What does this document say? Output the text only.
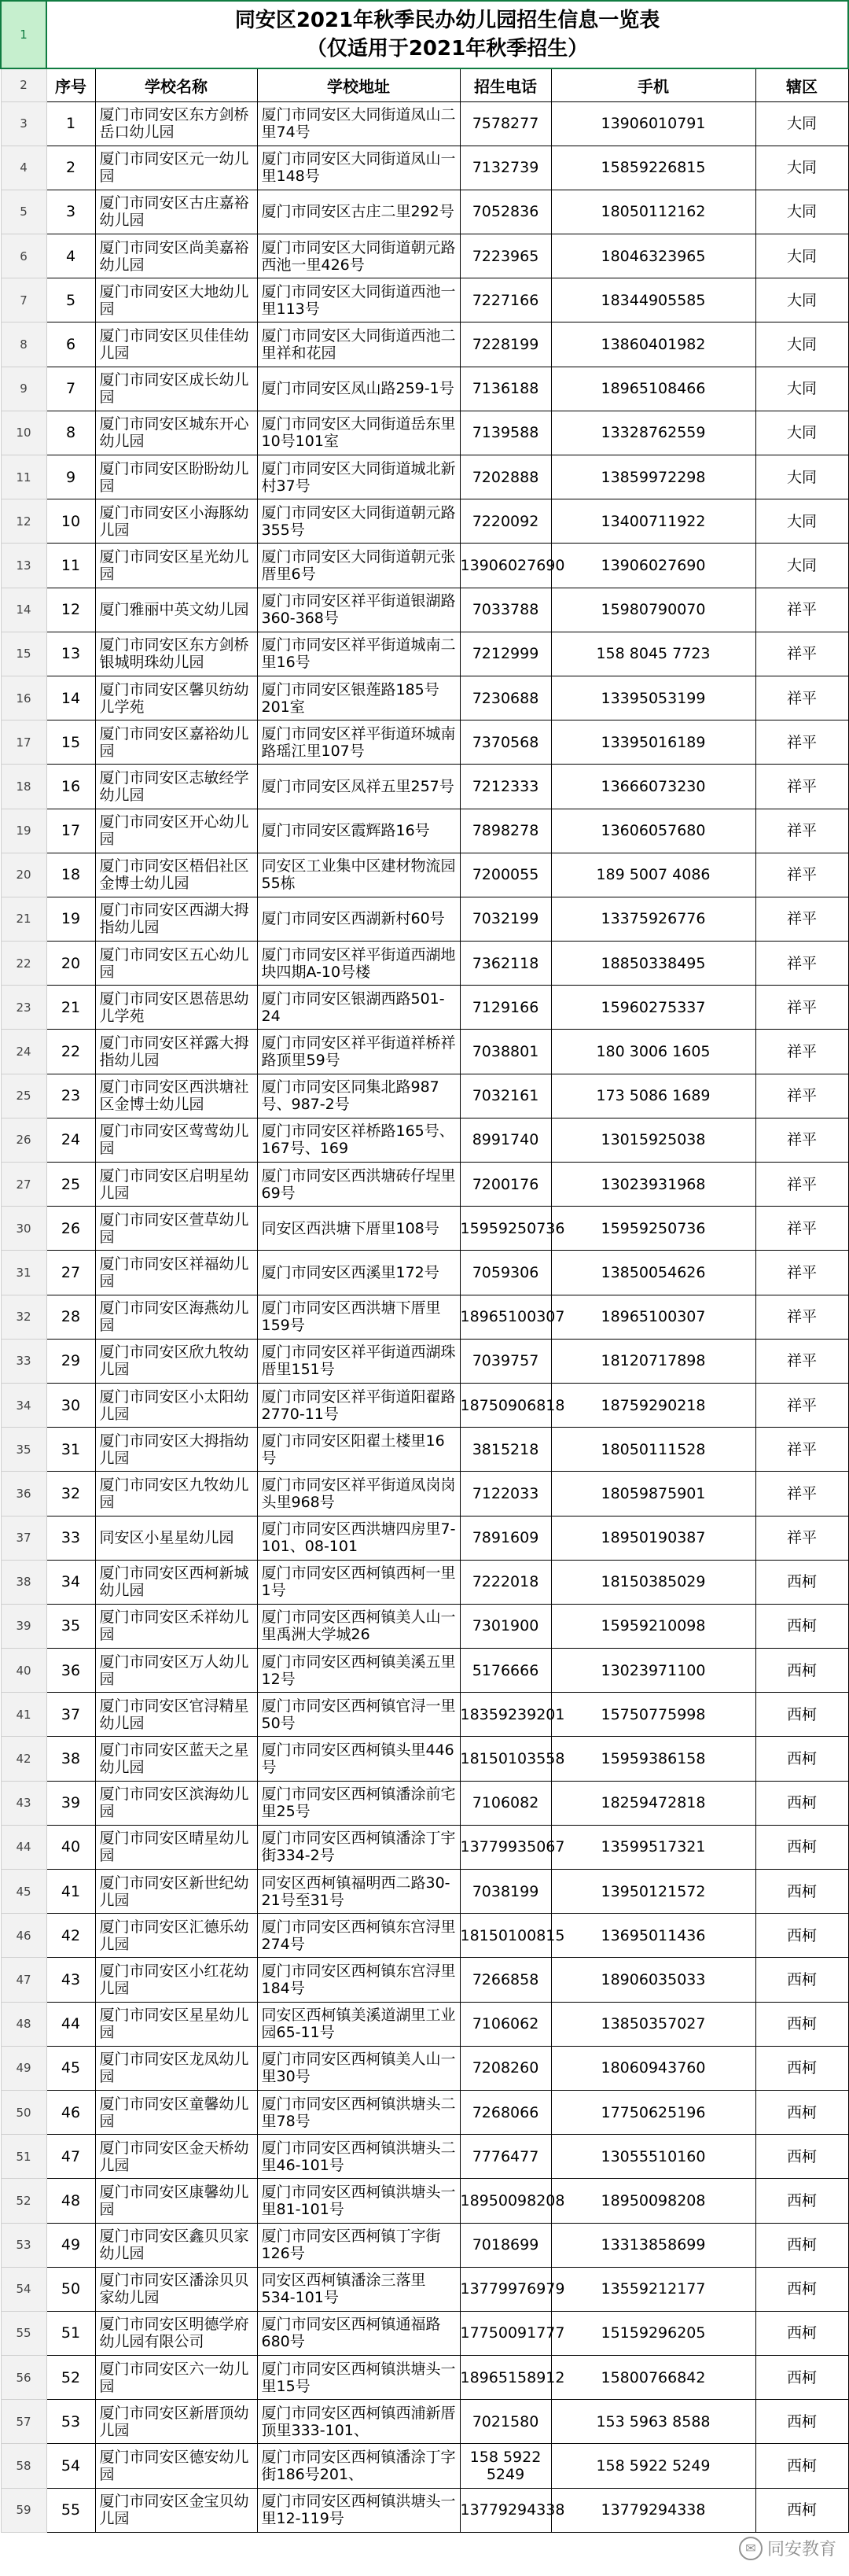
1	同安区2021年秋季民办幼儿园招生信息一览表
（仅适用于2021年秋季招生）					

2	序号	学校名称	学校地址	招生电话	手机	辖区
3	1	厦门市同安区东方剑桥岳口幼儿园	厦门市同安区大同街道凤山二里74号	7578277	13906010791	大同
4	2	厦门市同安区元一幼儿园	厦门市同安区大同街道凤山一里148号	7132739	15859226815	大同
5	3	厦门市同安区古庄嘉裕幼儿园	厦门市同安区古庄二里292号	7052836	18050112162	大同
6	4	厦门市同安区尚美嘉裕幼儿园	厦门市同安区大同街道朝元路西池一里426号	7223965	18046323965	大同
7	5	厦门市同安区大地幼儿园	厦门市同安区大同街道西池一里113号	7227166	18344905585	大同
8	6	厦门市同安区贝佳佳幼儿园	厦门市同安区大同街道西池二里祥和花园	7228199	13860401982	大同
9	7	厦门市同安区成长幼儿园	厦门市同安区凤山路259-1号	7136188	18965108466	大同
10	8	厦门市同安区城东开心幼儿园	厦门市同安区大同街道岳东里10号101室	7139588	13328762559	大同
11	9	厦门市同安区盼盼幼儿园	厦门市同安区大同街道城北新村37号	7202888	13859972298	大同
12	10	厦门市同安区小海豚幼儿园	厦门市同安区大同街道朝元路355号	7220092	13400711922	大同
13	11	厦门市同安区星光幼儿园	厦门市同安区大同街道朝元张厝里6号	13906027690	13906027690	大同
14	12	厦门雅丽中英文幼儿园	厦门市同安区祥平街道银湖路360-368号	7033788	15980790070	祥平
15	13	厦门市同安区东方剑桥银城明珠幼儿园	厦门市同安区祥平街道城南二里16号	7212999	158 8045 7723	祥平
16	14	厦门市同安区馨贝纺幼儿学苑	厦门市同安区银莲路185号201室	7230688	13395053199	祥平
17	15	厦门市同安区嘉裕幼儿园	厦门市同安区祥平街道环城南路瑶江里107号	7370568	13395016189	祥平
18	16	厦门市同安区志敏经学幼儿园	厦门市同安区凤祥五里257号	7212333	13666073230	祥平
19	17	厦门市同安区开心幼儿园	厦门市同安区霞辉路16号	7898278	13606057680	祥平
20	18	厦门市同安区梧侣社区金博士幼儿园	同安区工业集中区建材物流园55栋	7200055	189 5007 4086	祥平
21	19	厦门市同安区西湖大拇指幼儿园	厦门市同安区西湖新村60号	7032199	13375926776	祥平
22	20	厦门市同安区五心幼儿园	厦门市同安区祥平街道西湖地块四期A-10号楼	7362118	18850338495	祥平
23	21	厦门市同安区恩蓓思幼儿学苑	厦门市同安区银湖西路501-24	7129166	15960275337	祥平
24	22	厦门市同安区祥露大拇指幼儿园	厦门市同安区祥平街道祥桥祥路顶里59号	7038801	180 3006 1605	祥平
25	23	厦门市同安区西洪塘社区金博士幼儿园	厦门市同安区同集北路987号、987-2号	7032161	173 5086 1689	祥平
26	24	厦门市同安区莺莺幼儿园	厦门市同安区祥桥路165号、167号、169	8991740	13015925038	祥平
27	25	厦门市同安区启明星幼儿园	厦门市同安区西洪塘砖仔埕里69号	7200176	13023931968	祥平
30	26	厦门市同安区萱草幼儿园	同安区西洪塘下厝里108号	15959250736	15959250736	祥平
31	27	厦门市同安区祥福幼儿园	厦门市同安区西溪里172号	7059306	13850054626	祥平
32	28	厦门市同安区海燕幼儿园	厦门市同安区西洪塘下厝里159号	18965100307	18965100307	祥平
33	29	厦门市同安区欣九牧幼儿园	厦门市同安区祥平街道西湖珠厝里151号	7039757	18120717898	祥平
34	30	厦门市同安区小太阳幼儿园	厦门市同安区祥平街道阳翟路2770-11号	18750906818	18759290218	祥平
35	31	厦门市同安区大拇指幼儿园	厦门市同安区阳翟土楼里16号	3815218	18050111528	祥平
36	32	厦门市同安区九牧幼儿园	厦门市同安区祥平街道凤岗岗头里968号	7122033	18059875901	祥平
37	33	同安区小星星幼儿园	厦门市同安区西洪塘四房里7-101、08-101	7891609	18950190387	祥平
38	34	厦门市同安区西柯新城幼儿园	厦门市同安区西柯镇西柯一里1号	7222018	18150385029	西柯
39	35	厦门市同安区禾祥幼儿园	厦门市同安区西柯镇美人山一里禹洲大学城26	7301900	15959210098	西柯
40	36	厦门市同安区万人幼儿园	厦门市同安区西柯镇美溪五里12号	5176666	13023971100	西柯
41	37	厦门市同安区官浔精星幼儿园	厦门市同安区西柯镇官浔一里50号	18359239201	15750775998	西柯
42	38	厦门市同安区蓝天之星幼儿园	厦门市同安区西柯镇头里446号	18150103558	15959386158	西柯
43	39	厦门市同安区滨海幼儿园	厦门市同安区西柯镇潘涂前宅里25号	7106082	18259472818	西柯
44	40	厦门市同安区晴星幼儿园	厦门市同安区西柯镇潘涂丁宇街334-2号	13779935067	13599517321	西柯
45	41	厦门市同安区新世纪幼儿园	同安区西柯镇福明西二路30-21号至31号	7038199	13950121572	西柯
46	42	厦门市同安区汇德乐幼儿园	厦门市同安区西柯镇东宫浔里274号	18150100815	13695011436	西柯
47	43	厦门市同安区小红花幼儿园	厦门市同安区西柯镇东宫浔里184号	7266858	18906035033	西柯
48	44	厦门市同安区星星幼儿园	同安区西柯镇美溪道湖里工业园65-11号	7106062	13850357027	西柯
49	45	厦门市同安区龙凤幼儿园	厦门市同安区西柯镇美人山一里30号	7208260	18060943760	西柯
50	46	厦门市同安区童馨幼儿园	厦门市同安区西柯镇洪塘头二里78号	7268066	17750625196	西柯
51	47	厦门市同安区金天桥幼儿园	厦门市同安区西柯镇洪塘头二里46-101号	7776477	13055510160	西柯
52	48	厦门市同安区康馨幼儿园	厦门市同安区西柯镇洪塘头一里81-101号	18950098208	18950098208	西柯
53	49	厦门市同安区鑫贝贝家幼儿园	厦门市同安区西柯镇丁字街126号	7018699	13313858699	西柯
54	50	厦门市同安区潘涂贝贝家幼儿园	同安区西柯镇潘涂三落里534-101号	13779976979	13559212177	西柯
55	51	厦门市同安区明德学府幼儿园有限公司	厦门市同安区西柯镇通福路680号	17750091777	15159296205	西柯
56	52	厦门市同安区六一幼儿园	厦门市同安区西柯镇洪塘头一里15号	18965158912	15800766842	西柯
57	53	厦门市同安区新厝顶幼儿园	厦门市同安区西柯镇西浦新厝顶里333-101、	7021580	153 5963 8588	西柯
58	54	厦门市同安区德安幼儿园	厦门市同安区西柯镇潘涂丁字街186号201、	158 5922 5249	158 5922 5249	西柯
59	55	厦门市同安区金宝贝幼儿园	厦门市同安区西柯镇洪塘头一里12-119号	13779294338	13779294338	西柯
✉ 同安教育
